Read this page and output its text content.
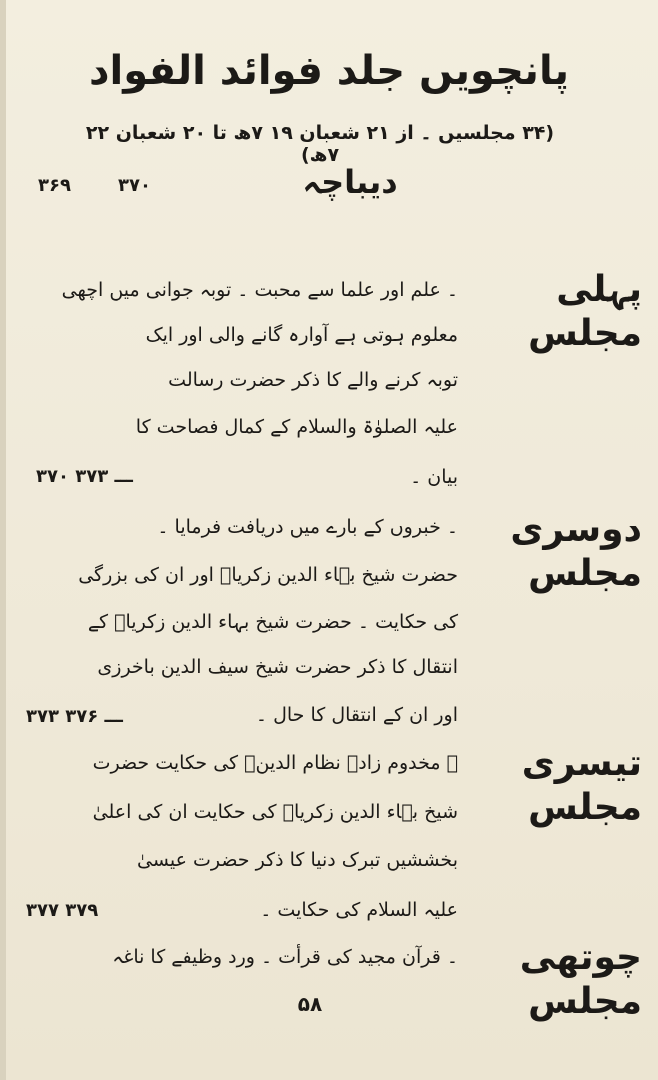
پانچویں جلد فوائد الفواد
(۳۴ مجلسیں ۔ از ۲۱ شعبان ۱۹ ۷ھ تا ۲۰ شعبان ۲۲ ۷ھ)
۳۶۹	۳۷۰	دیباچہ
پہلی مجلس
۔ علم اور علما سے محبت ۔ توبہ جوانی میں اچھی
معلوم ہوتی ہے آوارہ گانے والی اور ایک
توبہ کرنے والے کا ذکر حضرت رسالت
علیہ الصلوٰۃ والسلام کے کمال فصاحت کا
بیان ۔
۳۷۰ ـــ ۳۷۳
دوسری مجلس
۔ خبروں کے بارے میں دریافت فرمایا ۔
حضرت شیخ بہاء الدین زکریاؒ اور ان کی بزرگی
کی حکایت ۔ حضرت شیخ بہاء الدین زکریاؒ کے
انتقال کا ذکر حضرت شیخ سیف الدین باخرزی
اور ان کے انتقال کا حال ۔
۳۷۳ ـــ ۳۷۶
تیسری مجلس
۔ مخدوم زادہ نظام الدینؒ کی حکایت حضرت
شیخ بہاء الدین زکریاؒ کی حکایت ان کی اعلیٰ
بخششیں تبرک دنیا کا ذکر حضرت عیسیٰ
علیہ السلام کی حکایت ۔
۳۷۷ ۳۷۹
چوتھی مجلس
۔ قرآن مجید کی قرأت ۔ ورد وظیفے کا ناغہ
۵۸
